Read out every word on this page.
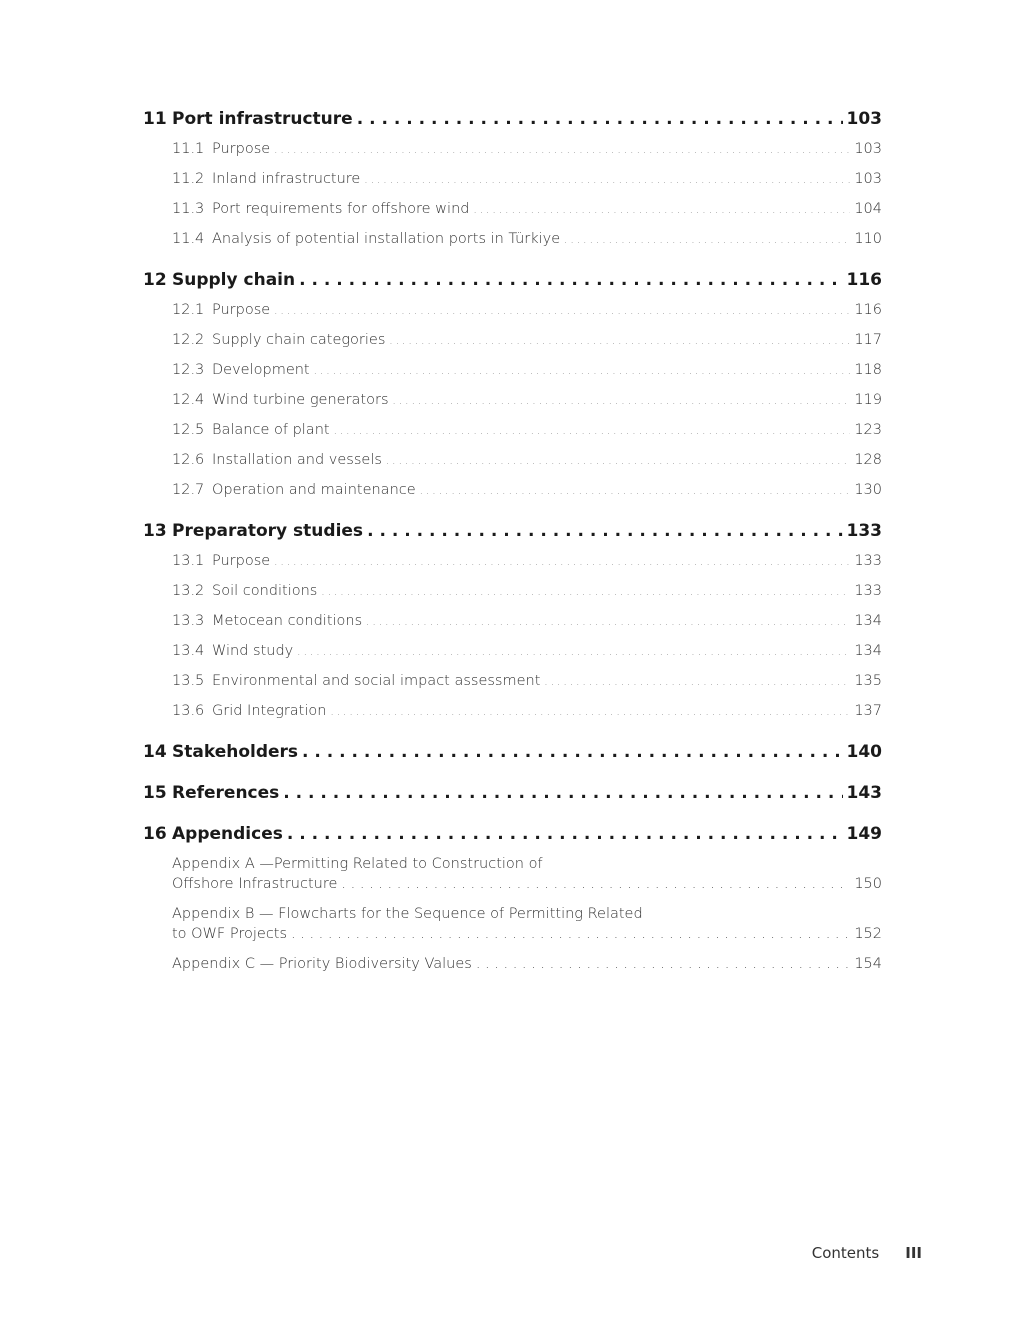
11 Port infrastructure . . .	103
11.1 Purpose . . .	103
11.2 Inland infrastructure . . .	103
11.3 Port requirements for offshore wind . . .	104
11.4 Analysis of potential installation ports in Türkiye . . .	110
12 Supply chain . . .	116
12.1 Purpose . . .	116
12.2 Supply chain categories . . .	117
12.3 Development . . .	118
12.4 Wind turbine generators . . .	119
12.5 Balance of plant . . .	123
12.6 Installation and vessels . . .	128
12.7 Operation and maintenance . . .	130
13 Preparatory studies . . .	133
13.1 Purpose . . .	133
13.2 Soil conditions . . .	133
13.3 Metocean conditions . . .	134
13.4 Wind study . . .	134
13.5 Environmental and social impact assessment . . .	135
13.6 Grid Integration . . .	137
14 Stakeholders . . .	140
15 References . . .	143
16 Appendices . . .	149
Appendix A —Permitting Related to Construction of
Offshore Infrastructure . . .	150
Appendix B — Flowcharts for the Sequence of Permitting Related
to OWF Projects . . .	152
Appendix C — Priority Biodiversity Values . . .	154
Contents III
